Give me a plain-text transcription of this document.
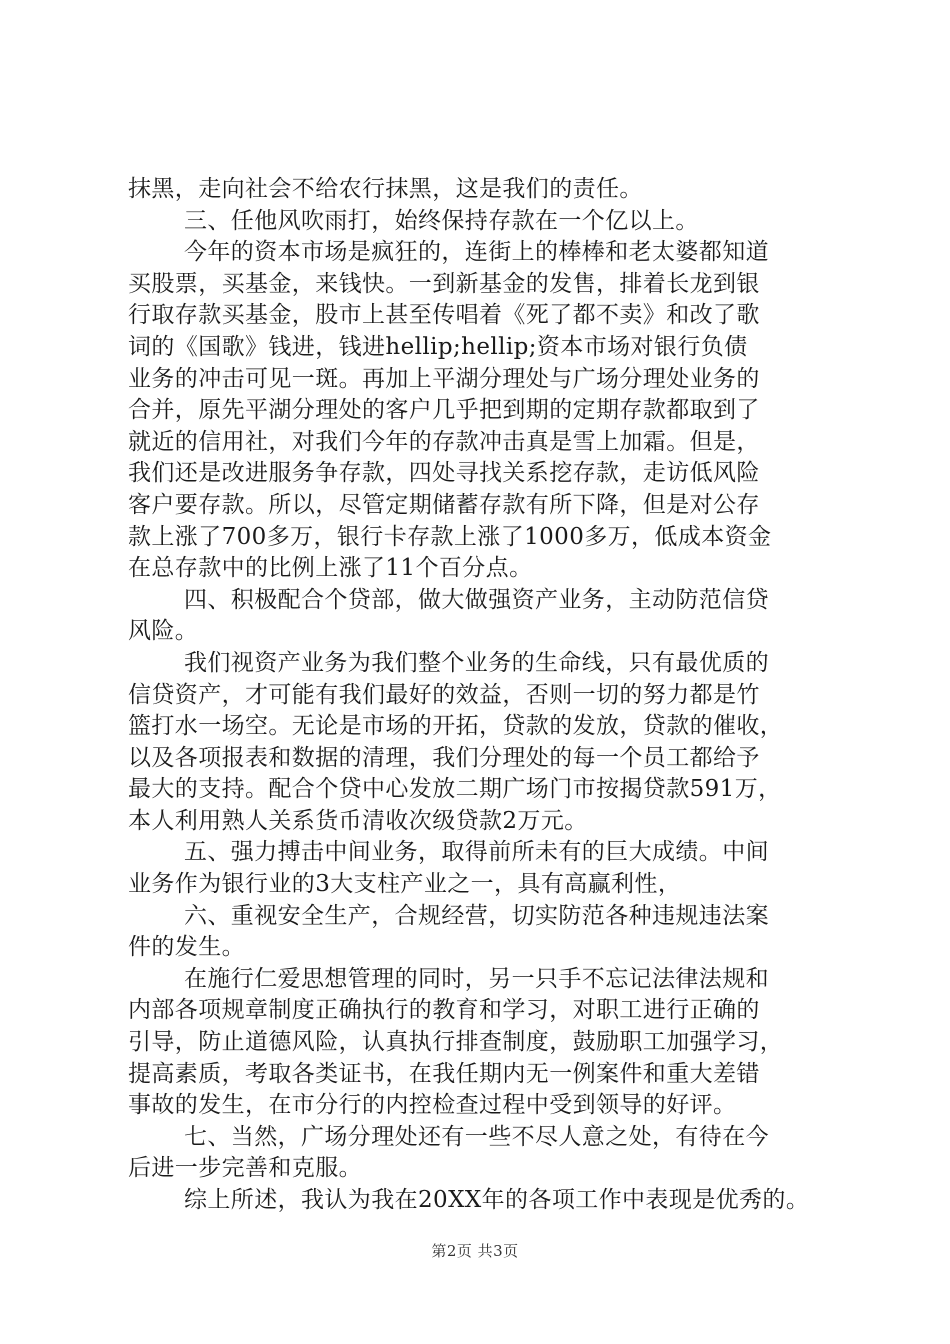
抹黑，走向社会不给农行抹黑，这是我们的责任。
三、任他风吹雨打，始终保持存款在一个亿以上。
今年的资本市场是疯狂的，连街上的棒棒和老太婆都知道
买股票，买基金，来钱快。一到新基金的发售，排着长龙到银
行取存款买基金，股市上甚至传唱着《死了都不卖》和改了歌
词的《国歌》钱进，钱进hellip;hellip;资本市场对银行负债
业务的冲击可见一斑。再加上平湖分理处与广场分理处业务的
合并，原先平湖分理处的客户几乎把到期的定期存款都取到了
就近的信用社，对我们今年的存款冲击真是雪上加霜。但是，
我们还是改进服务争存款，四处寻找关系挖存款，走访低风险
客户要存款。所以，尽管定期储蓄存款有所下降，但是对公存
款上涨了700多万，银行卡存款上涨了1000多万，低成本资金
在总存款中的比例上涨了11个百分点。
四、积极配合个贷部，做大做强资产业务，主动防范信贷
风险。
我们视资产业务为我们整个业务的生命线，只有最优质的
信贷资产，才可能有我们最好的效益，否则一切的努力都是竹
篮打水一场空。无论是市场的开拓，贷款的发放，贷款的催收，
以及各项报表和数据的清理，我们分理处的每一个员工都给予
最大的支持。配合个贷中心发放二期广场门市按揭贷款591万，
本人利用熟人关系货币清收次级贷款2万元。
五、强力搏击中间业务，取得前所未有的巨大成绩。中间
业务作为银行业的3大支柱产业之一，具有高赢利性，
六、重视安全生产，合规经营，切实防范各种违规违法案
件的发生。
在施行仁爱思想管理的同时，另一只手不忘记法律法规和
内部各项规章制度正确执行的教育和学习，对职工进行正确的
引导，防止道德风险，认真执行排查制度，鼓励职工加强学习，
提高素质，考取各类证书，在我任期内无一例案件和重大差错
事故的发生，在市分行的内控检查过程中受到领导的好评。
七、当然，广场分理处还有一些不尽人意之处，有待在今
后进一步完善和克服。
综上所述，我认为我在20XX年的各项工作中表现是优秀的。
第2页 共3页
